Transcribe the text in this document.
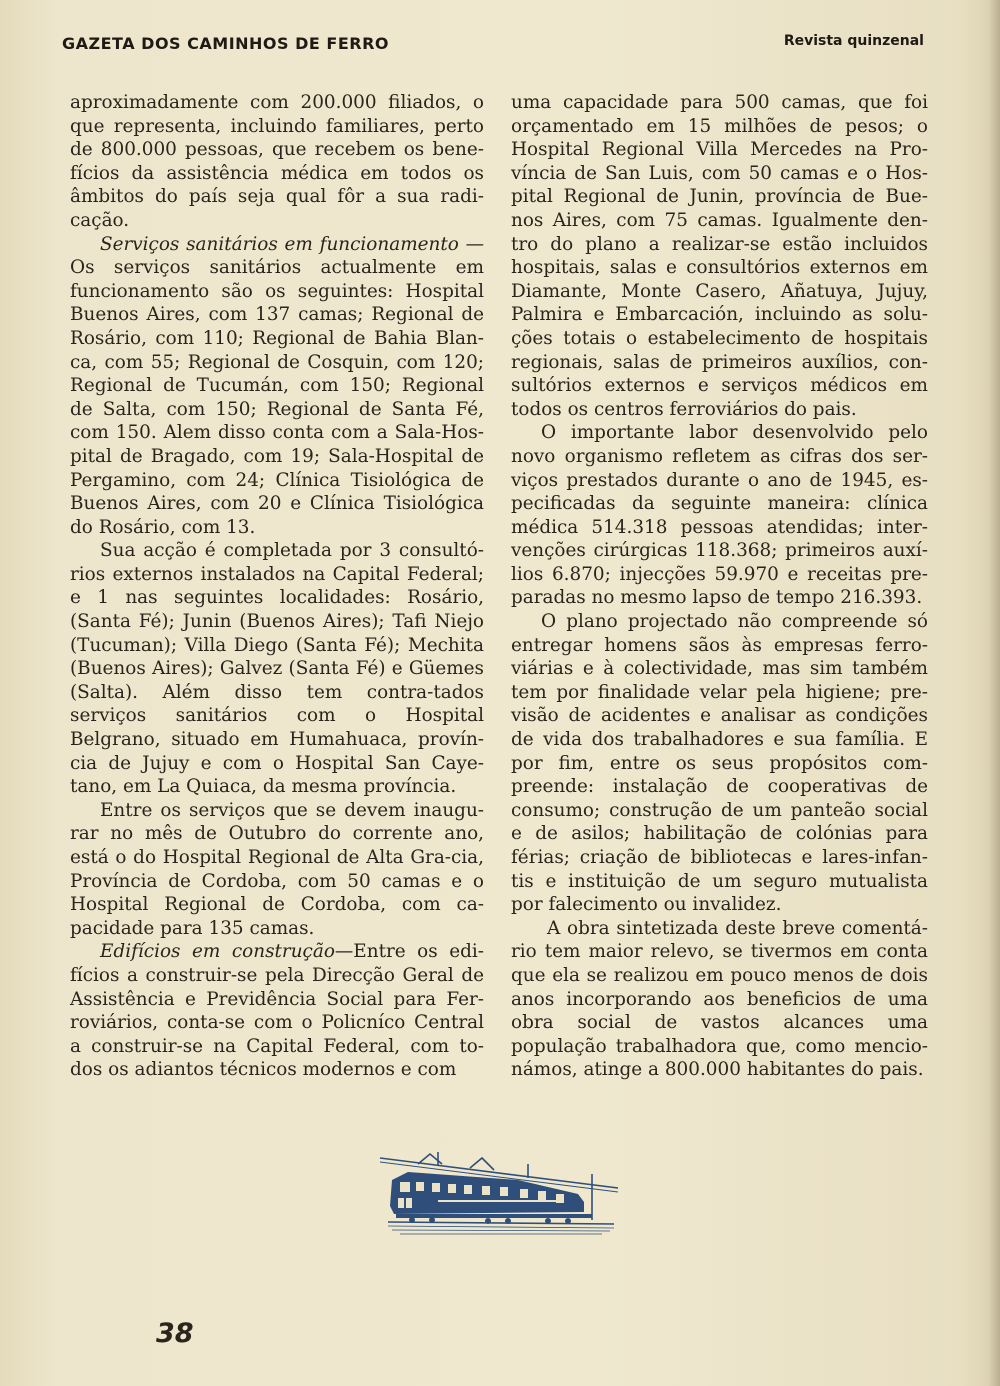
GAZETA DOS CAMINHOS DE FERRO	Revista quinzenal

aproximadamente com 200.000 filiados, o que representa, incluindo familiares, perto de 800.000 pessoas, que recebem os bene-fícios da assistência médica em todos os âmbitos do país seja qual fôr a sua radi-cação.

Serviços sanitários em funcionamento — Os serviços sanitários actualmente em funcionamento são os seguintes: Hospital Buenos Aires, com 137 camas; Regional de Rosário, com 110; Regional de Bahia Blan-ca, com 55; Regional de Cosquin, com 120; Regional de Tucumán, com 150; Regional de Salta, com 150; Regional de Santa Fé, com 150. Alem disso conta com a Sala-Hos-pital de Bragado, com 19; Sala-Hospital de Pergamino, com 24; Clínica Tisiológica de Buenos Aires, com 20 e Clínica Tisiológica do Rosário, com 13.

Sua acção é completada por 3 consultó-rios externos instalados na Capital Federal; e 1 nas seguintes localidades: Rosário, (Santa Fé); Junin (Buenos Aires); Tafi Niejo (Tucuman); Villa Diego (Santa Fé); Mechita (Buenos Aires); Galvez (Santa Fé) e Güemes (Salta). Além disso tem contra-tados serviços sanitários com o Hospital Belgrano, situado em Humahuaca, provín-cia de Jujuy e com o Hospital San Caye-tano, em La Quiaca, da mesma província.

Entre os serviços que se devem inaugu-rar no mês de Outubro do corrente ano, está o do Hospital Regional de Alta Gra-cia, Província de Cordoba, com 50 camas e o Hospital Regional de Cordoba, com ca-pacidade para 135 camas.

Edifícios em construção—Entre os edi-fícios a construir-se pela Direcção Geral de Assistência e Previdência Social para Fer-roviários, conta-se com o Policníco Central a construir-se na Capital Federal, com to-dos os adiantos técnicos modernos e com

uma capacidade para 500 camas, que foi orçamentado em 15 milhões de pesos; o Hospital Regional Villa Mercedes na Pro-víncia de San Luis, com 50 camas e o Hos-pital Regional de Junin, província de Bue-nos Aires, com 75 camas. Igualmente den-tro do plano a realizar-se estão incluidos hospitais, salas e consultórios externos em Diamante, Monte Casero, Añatuya, Jujuy, Palmira e Embarcación, incluindo as solu-ções totais o estabelecimento de hospitais regionais, salas de primeiros auxílios, con-sultórios externos e serviços médicos em todos os centros ferroviários do pais.

O importante labor desenvolvido pelo novo organismo refletem as cifras dos ser-viços prestados durante o ano de 1945, es-pecificadas da seguinte maneira: clínica médica 514.318 pessoas atendidas; inter-venções cirúrgicas 118.368; primeiros auxí-lios 6.870; injecções 59.970 e receitas pre-paradas no mesmo lapso de tempo 216.393.

O plano projectado não compreende só entregar homens sãos às empresas ferro-viárias e à colectividade, mas sim também tem por finalidade velar pela higiene; pre-visão de acidentes e analisar as condições de vida dos trabalhadores e sua família. E por fim, entre os seus propósitos com-preende: instalação de cooperativas de consumo; construção de um panteão social e de asilos; habilitação de colónias para férias; criação de bibliotecas e lares-infan-tis e instituição de um seguro mutualista por falecimento ou invalidez.

A obra sintetizada deste breve comentá-rio tem maior relevo, se tivermos em conta que ela se realizou em pouco menos de dois anos incorporando aos beneficios de uma obra social de vastos alcances uma população trabalhadora que, como mencio-námos, atinge a 800.000 habitantes do pais.

38
